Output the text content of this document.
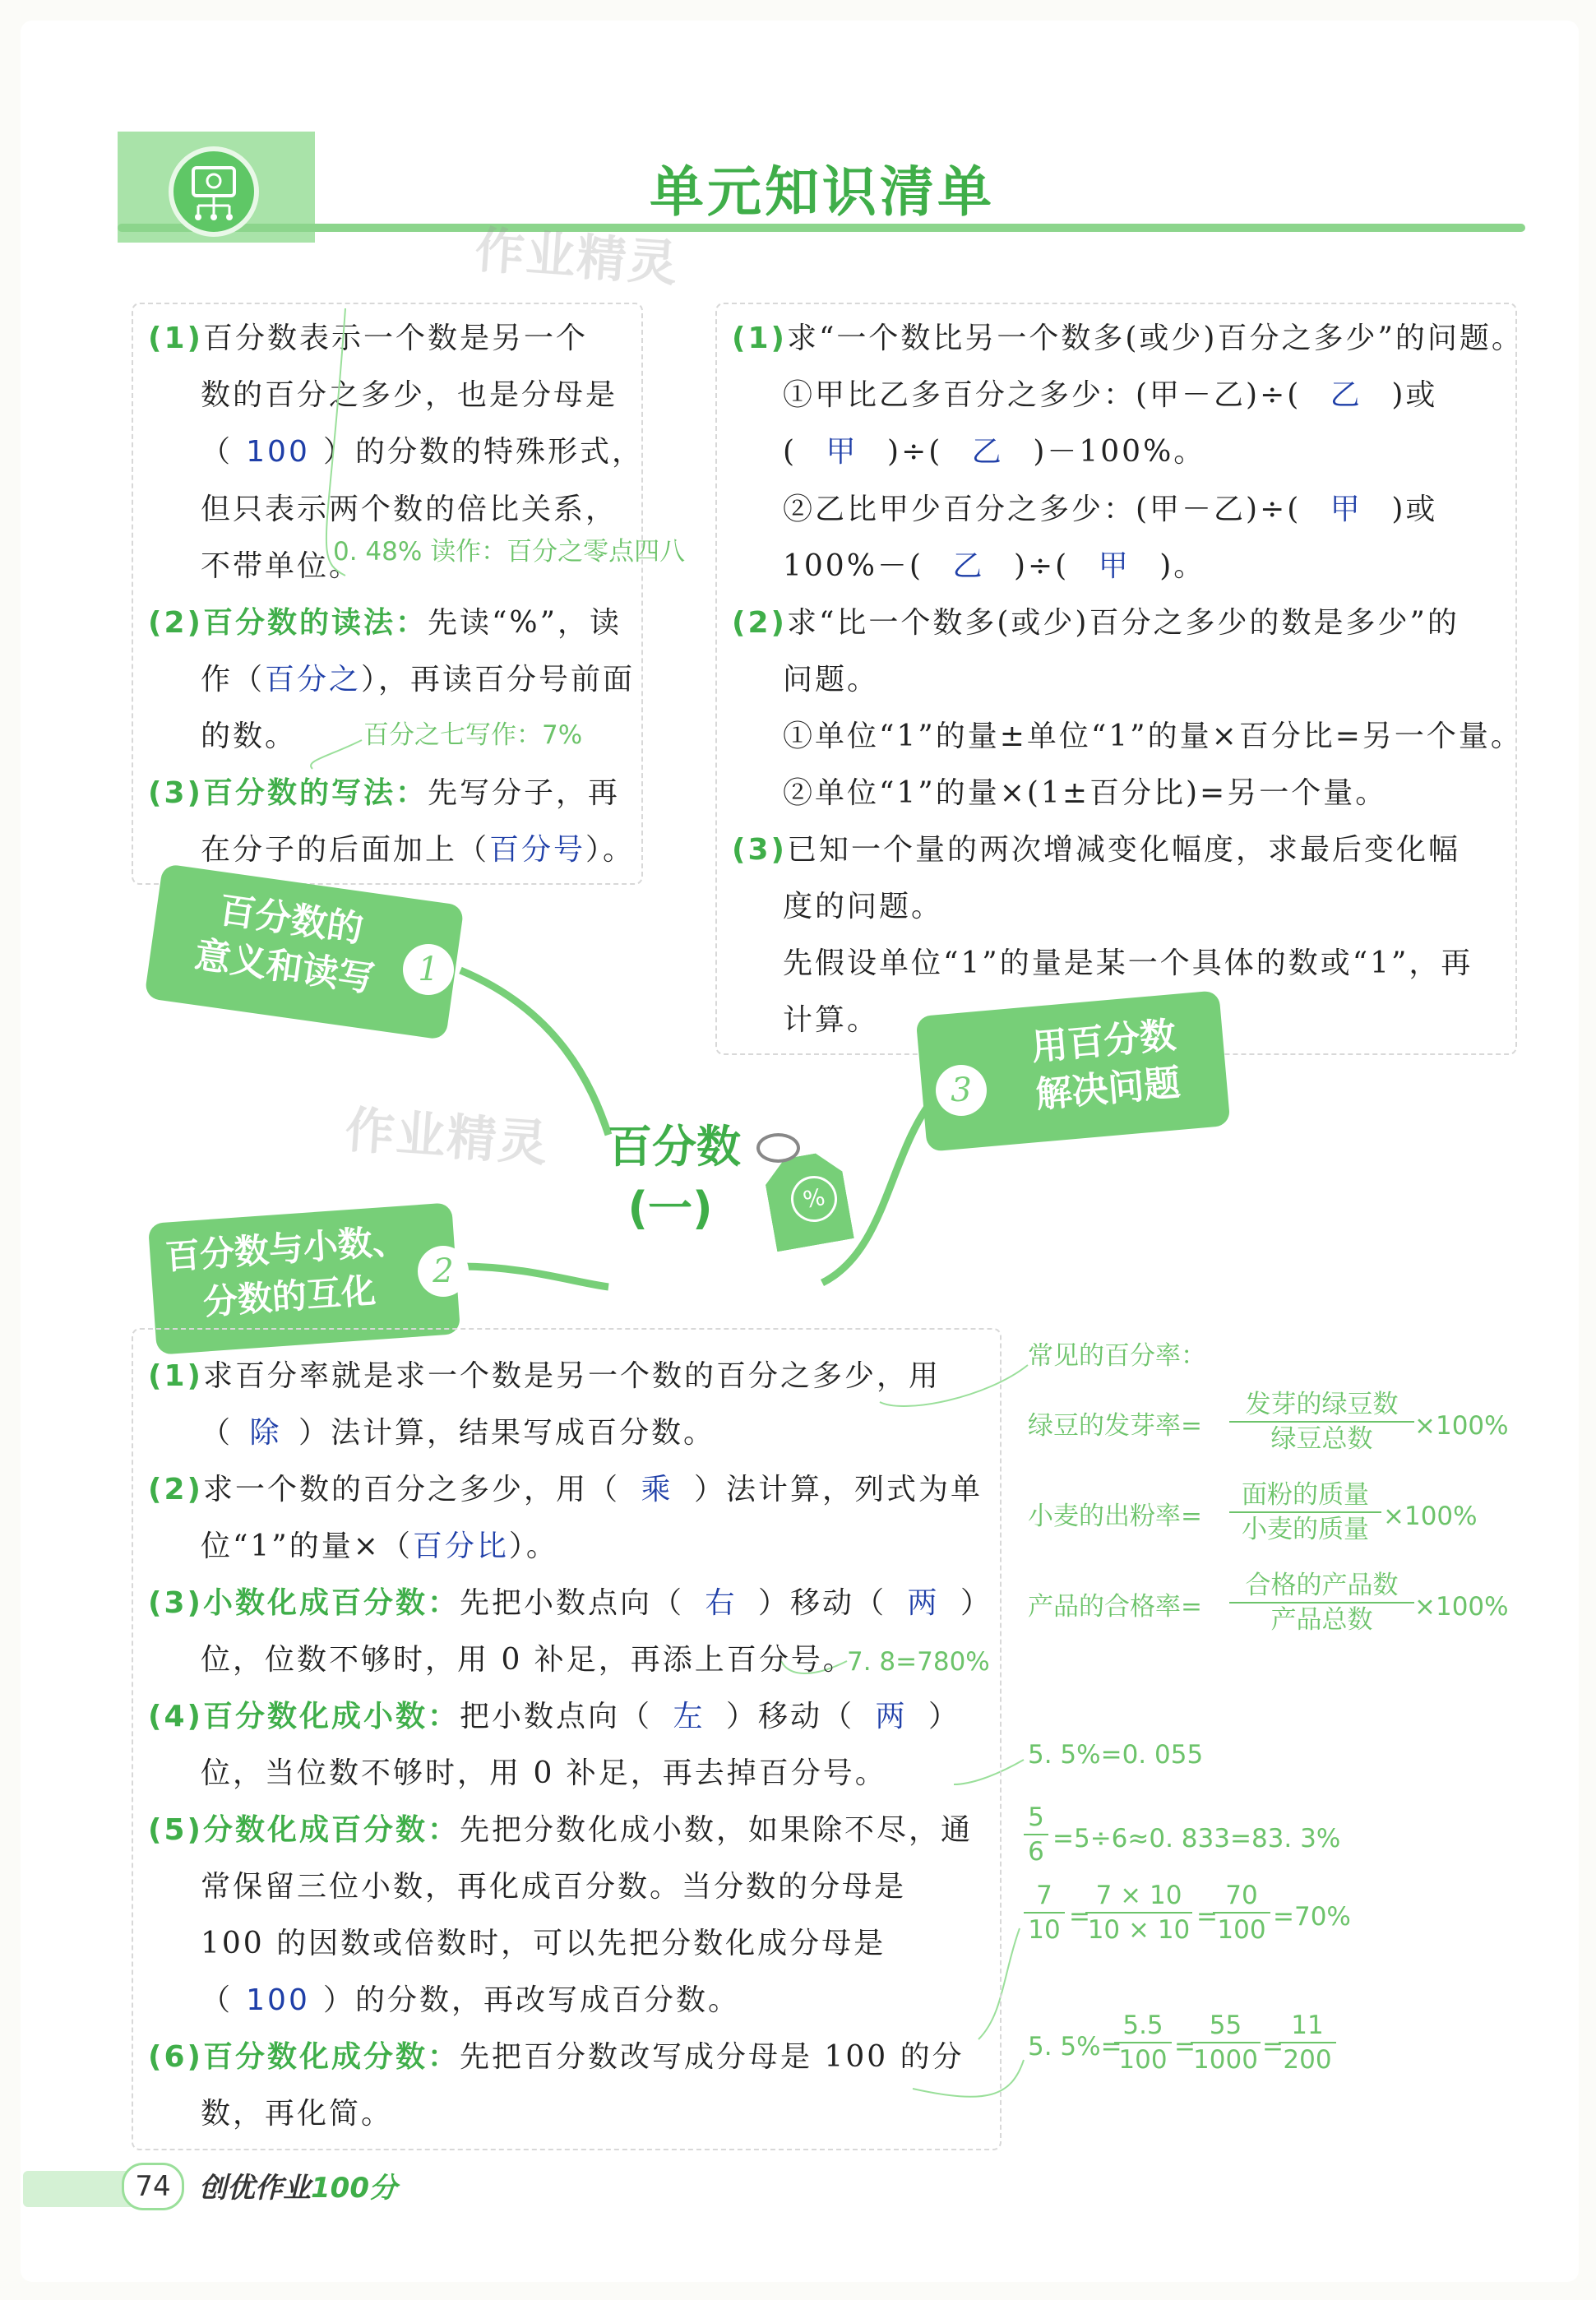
单元知识清单
作业精灵
作业精灵
(1)百分数表示一个数是另一个
数的百分之多少，也是分母是
（ 100 ）的分数的特殊形式，
但只表示两个数的倍比关系，
不带单位。
0. 48% 读作：百分之零点四八
(2)百分数的读法：先读“%”，读
作（百分之），再读百分号前面
的数。	百分之七写作：7%
(3)百分数的写法：先写分子，再
在分子的后面加上（百分号）。
(1)求“一个数比另一个数多(或少)百分之多少”的问题。
①甲比乙多百分之多少：(甲－乙)÷( 乙 )或
( 甲 )÷( 乙 )－100%。
②乙比甲少百分之多少：(甲－乙)÷( 甲 )或
100%－( 乙 )÷( 甲 )。
(2)求“比一个数多(或少)百分之多少的数是多少”的
问题。
①单位“1”的量±单位“1”的量×百分比=另一个量。
②单位“1”的量×(1±百分比)=另一个量。
(3)已知一个量的两次增减变化幅度，求最后变化幅
度的问题。
先假设单位“1”的量是某一个具体的数或“1”，再
计算。
百分数的
意义和读写	1
百分数与小数、
分数的互化	2
用百分数
解决问题
3
百分数
(一)	%
(1)求百分率就是求一个数是另一个数的百分之多少，用
（ 除 ）法计算，结果写成百分数。
(2)求一个数的百分之多少，用（ 乘 ）法计算，列式为单
位“1”的量×（百分比）。
(3)小数化成百分数：先把小数点向（ 右 ）移动（ 两 ）
位，位数不够时，用 0 补足，再添上百分号。
7. 8=780%
(4)百分数化成小数：把小数点向（ 左 ）移动（ 两 ）
位，当位数不够时，用 0 补足，再去掉百分号。
(5)分数化成百分数：先把分数化成小数，如果除不尽，通
常保留三位小数，再化成百分数。当分数的分母是
100 的因数或倍数时，可以先把分数化成分母是
（ 100 ）的分数，再改写成百分数。
(6)百分数化成分数：先把百分数改写成分母是 100 的分
数，再化简。
常见的百分率：
绿豆的发芽率=
发芽的绿豆数
绿豆总数	×100%
小麦的出粉率=
面粉的质量
小麦的质量 ×100%
产品的合格率=
合格的产品数
产品总数	×100%
5. 5%=0. 055
$\frac{5}{6} =5\div 6\approx 0$. 833=83. 3%
$\frac{7}{10}$ =
$\frac{7 \times 10}{10 \times 10}$ =
$\frac{70}{100} =70\%$
5. 5%=
$\frac{5.5}{100}$ =
$\frac{55}{1000}$ =
$\frac{11}{200}$
74	创优作业100分
